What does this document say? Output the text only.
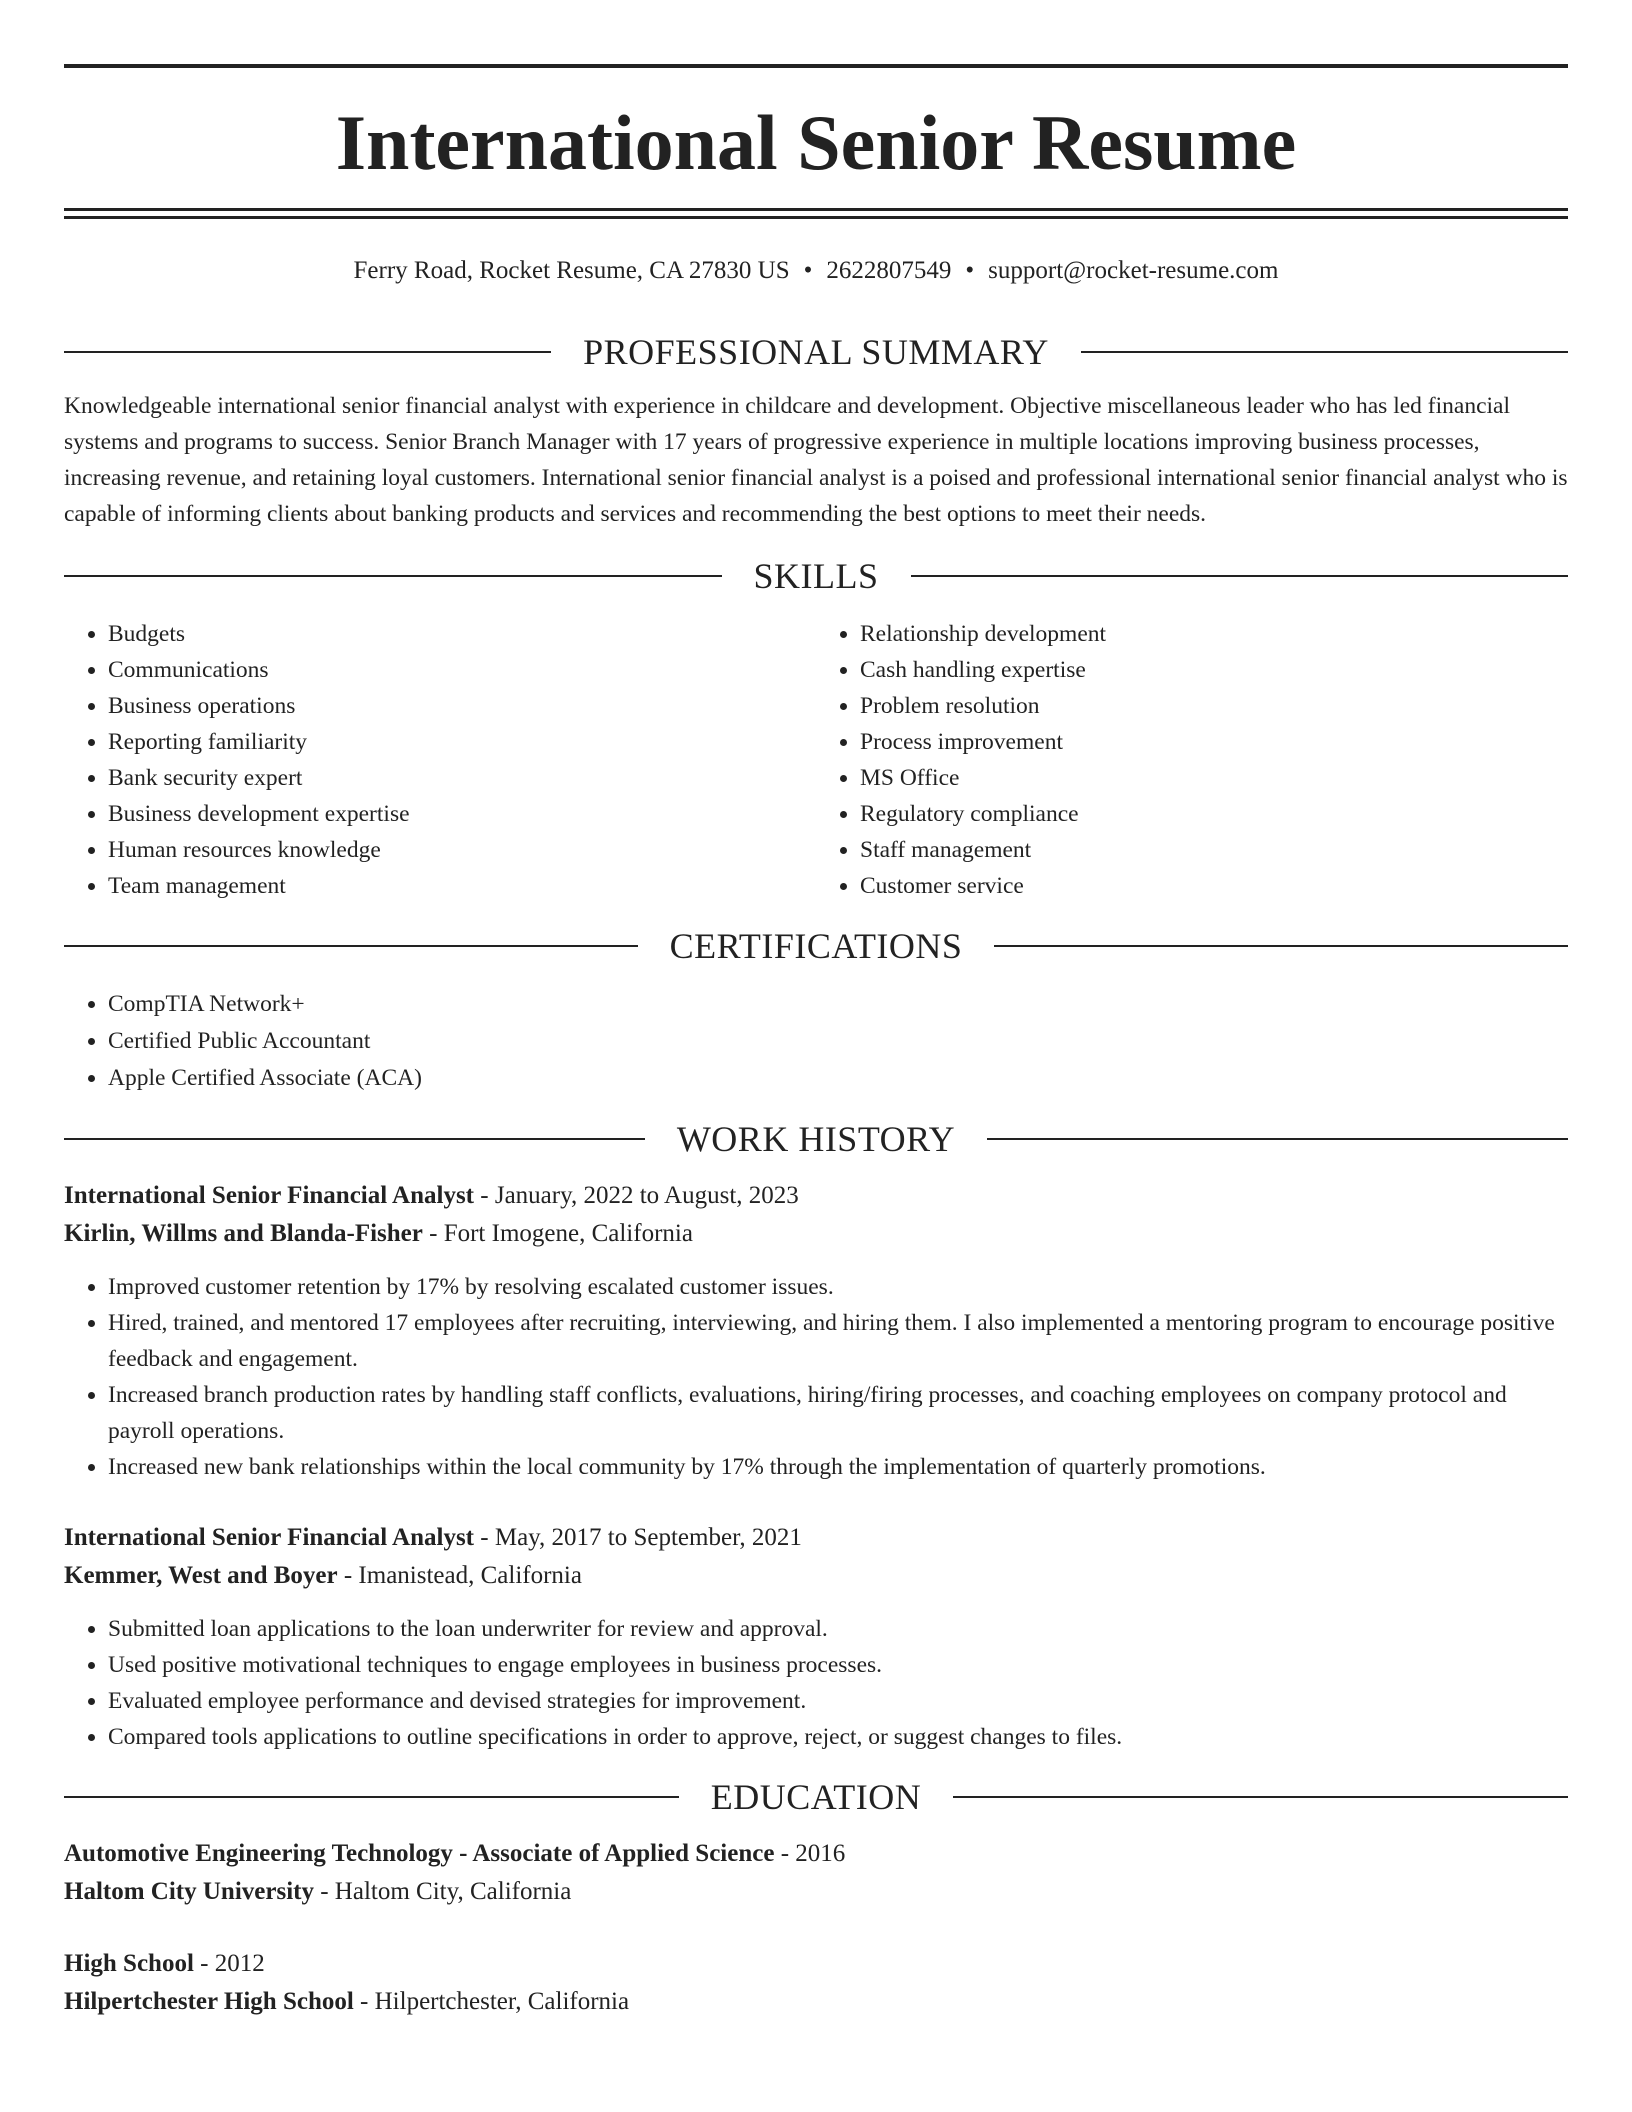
International Senior Resume
Ferry Road, Rocket Resume, CA 27830 US • 2622807549 • support@rocket-resume.com
PROFESSIONAL SUMMARY

Knowledgeable international senior financial analyst with experience in childcare and development. Objective miscellaneous leader who has led financial systems and programs to success. Senior Branch Manager with 17 years of progressive experience in multiple locations improving business processes, increasing revenue, and retaining loyal customers. International senior financial analyst is a poised and professional international senior financial analyst who is capable of informing clients about banking products and services and recommending the best options to meet their needs.

SKILLS
• Budgets
• Communications
• Business operations
• Reporting familiarity
• Bank security expert
• Business development expertise
• Human resources knowledge
• Team management
• Relationship development
• Cash handling expertise
• Problem resolution
• Process improvement
• MS Office
• Regulatory compliance
• Staff management
• Customer service
CERTIFICATIONS
• CompTIA Network+
• Certified Public Accountant
• Apple Certified Associate (ACA)
WORK HISTORY
International Senior Financial Analyst - January, 2022 to August, 2023
Kirlin, Willms and Blanda-Fisher - Fort Imogene, California
• Improved customer retention by 17% by resolving escalated customer issues.
• Hired, trained, and mentored 17 employees after recruiting, interviewing, and hiring them. I also implemented a mentoring program to encourage positive feedback and engagement.
• Increased branch production rates by handling staff conflicts, evaluations, hiring/firing processes, and coaching employees on company protocol and payroll operations.
• Increased new bank relationships within the local community by 17% through the implementation of quarterly promotions.
International Senior Financial Analyst - May, 2017 to September, 2021
Kemmer, West and Boyer - Imanistead, California
• Submitted loan applications to the loan underwriter for review and approval.
• Used positive motivational techniques to engage employees in business processes.
• Evaluated employee performance and devised strategies for improvement.
• Compared tools applications to outline specifications in order to approve, reject, or suggest changes to files.
EDUCATION
Automotive Engineering Technology - Associate of Applied Science - 2016
Haltom City University - Haltom City, California
High School - 2012
Hilpertchester High School - Hilpertchester, California
